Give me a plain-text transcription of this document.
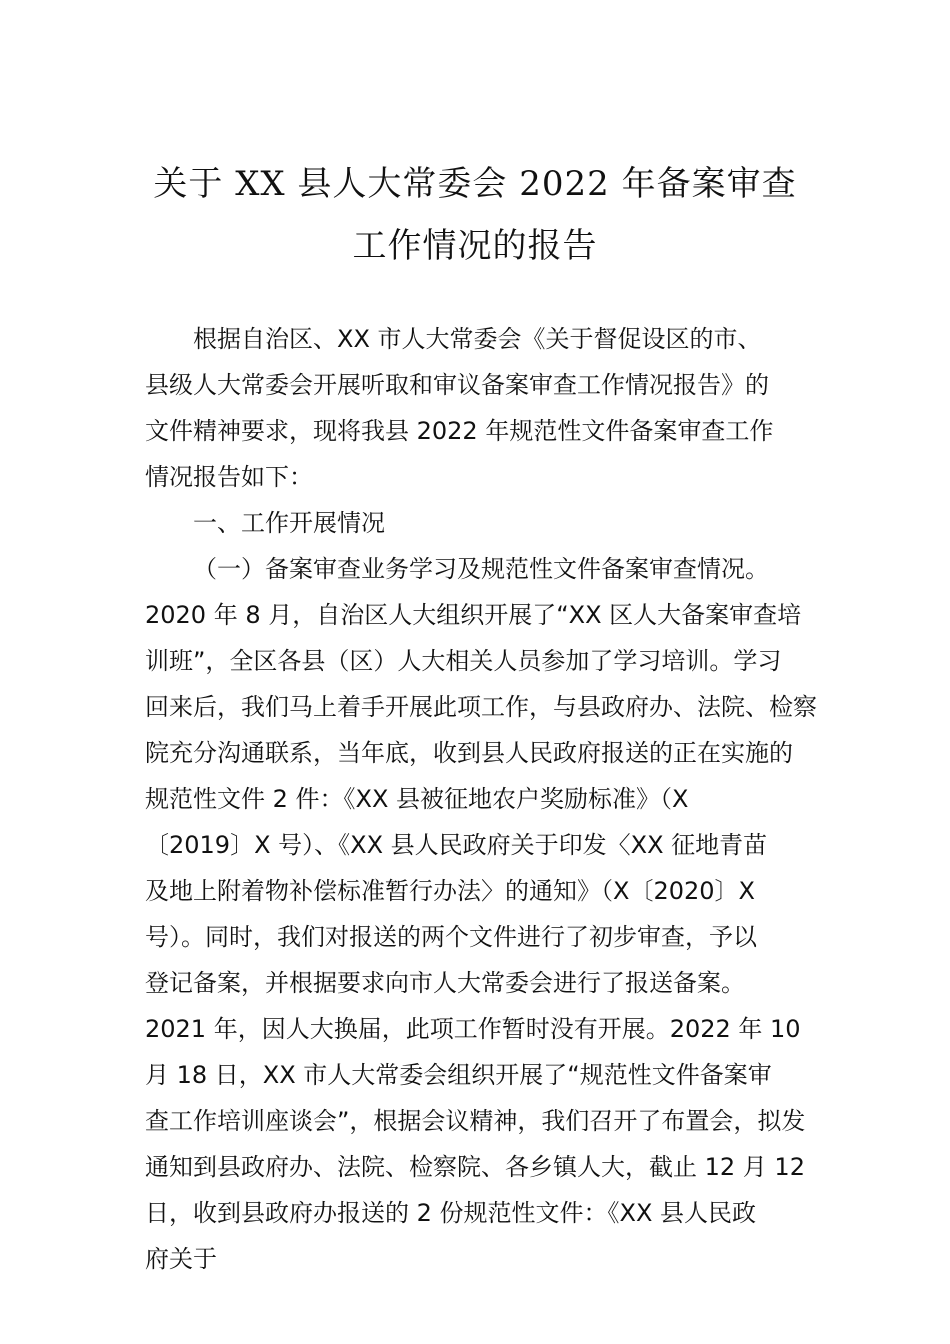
关于 XX 县人大常委会 2022 年备案审查
工作情况的报告
根据自治区、XX 市人大常委会《关于督促设区的市、
县级人大常委会开展听取和审议备案审查工作情况报告》的
文件精神要求，现将我县 2022 年规范性文件备案审查工作
情况报告如下：
一、工作开展情况
（一）备案审查业务学习及规范性文件备案审查情况。
2020 年 8 月，自治区人大组织开展了“XX 区人大备案审查培
训班”，全区各县（区）人大相关人员参加了学习培训。学习
回来后，我们马上着手开展此项工作，与县政府办、法院、检察
院充分沟通联系，当年底，收到县人民政府报送的正在实施的
规范性文件 2 件：《XX 县被征地农户奖励标准》（X
〔2019〕X 号）、《XX 县人民政府关于印发〈XX 征地青苗
及地上附着物补偿标准暂行办法〉的通知》（X〔2020〕X
号）。同时，我们对报送的两个文件进行了初步审查，予以
登记备案，并根据要求向市人大常委会进行了报送备案。
2021 年，因人大换届，此项工作暂时没有开展。2022 年 10
月 18 日，XX 市人大常委会组织开展了“规范性文件备案审
查工作培训座谈会”，根据会议精神，我们召开了布置会，拟发
通知到县政府办、法院、检察院、各乡镇人大，截止 12 月 12
日，收到县政府办报送的 2 份规范性文件：《XX 县人民政
府关于
